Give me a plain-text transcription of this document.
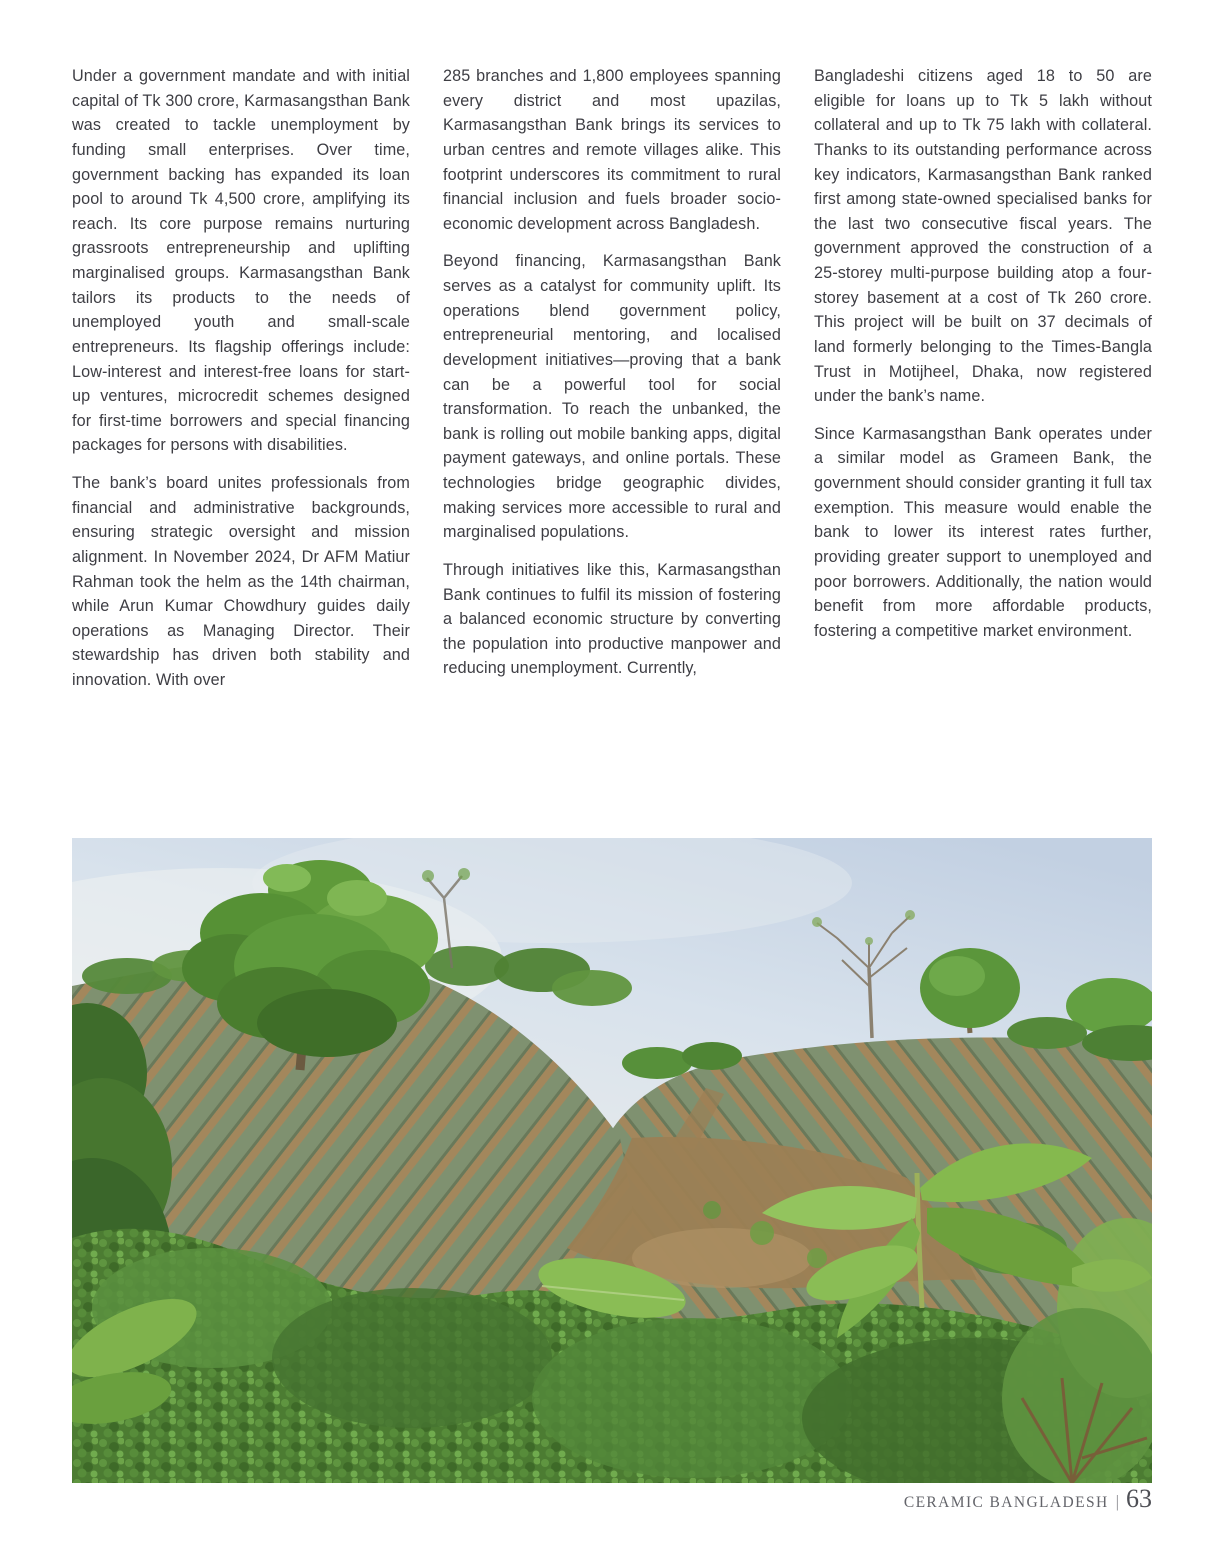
Under a government mandate and with initial capital of Tk 300 crore, Karmasangsthan Bank was created to tackle unemployment by funding small enterprises. Over time, government backing has expanded its loan pool to around Tk 4,500 crore, amplifying its reach. Its core purpose remains nurturing grassroots entrepreneurship and uplifting marginalised groups. Karmasangsthan Bank tailors its products to the needs of unemployed youth and small-scale entrepreneurs. Its flagship offerings include: Low-interest and interest-free loans for start-up ventures, microcredit schemes designed for first-time borrowers and special financing packages for persons with disabilities.

The bank’s board unites professionals from financial and administrative backgrounds, ensuring strategic oversight and mission alignment. In November 2024, Dr AFM Matiur Rahman took the helm as the 14th chairman, while Arun Kumar Chowdhury guides daily operations as Managing Director. Their stewardship has driven both stability and innovation. With over

285 branches and 1,800 employees spanning every district and most upazilas, Karmasangsthan Bank brings its services to urban centres and remote villages alike. This footprint underscores its commitment to rural financial inclusion and fuels broader socio-economic development across Bangladesh.

Beyond financing, Karmasangsthan Bank serves as a catalyst for community uplift. Its operations blend government policy, entrepreneurial mentoring, and localised development initiatives—proving that a bank can be a powerful tool for social transformation. To reach the unbanked, the bank is rolling out mobile banking apps, digital payment gateways, and online portals. These technologies bridge geographic divides, making services more accessible to rural and marginalised populations.

Through initiatives like this, Karmasangsthan Bank continues to fulfil its mission of fostering a balanced economic structure by converting the population into productive manpower and reducing unemployment. Currently,

Bangladeshi citizens aged 18 to 50 are eligible for loans up to Tk 5 lakh without collateral and up to Tk 75 lakh with collateral. Thanks to its outstanding performance across key indicators, Karmasangsthan Bank ranked first among state-owned specialised banks for the last two consecutive fiscal years. The government approved the construction of a 25-storey multi-purpose building atop a four-storey basement at a cost of Tk 260 crore. This project will be built on 37 decimals of land formerly belonging to the Times-Bangla Trust in Motijheel, Dhaka, now registered under the bank’s name.

Since Karmasangsthan Bank operates under a similar model as Grameen Bank, the government should consider granting it full tax exemption. This measure would enable the bank to lower its interest rates further, providing greater support to unemployed and poor borrowers. Additionally, the nation would benefit from more affordable products, fostering a competitive market environment.

CERAMIC BANGLADESH | 63
